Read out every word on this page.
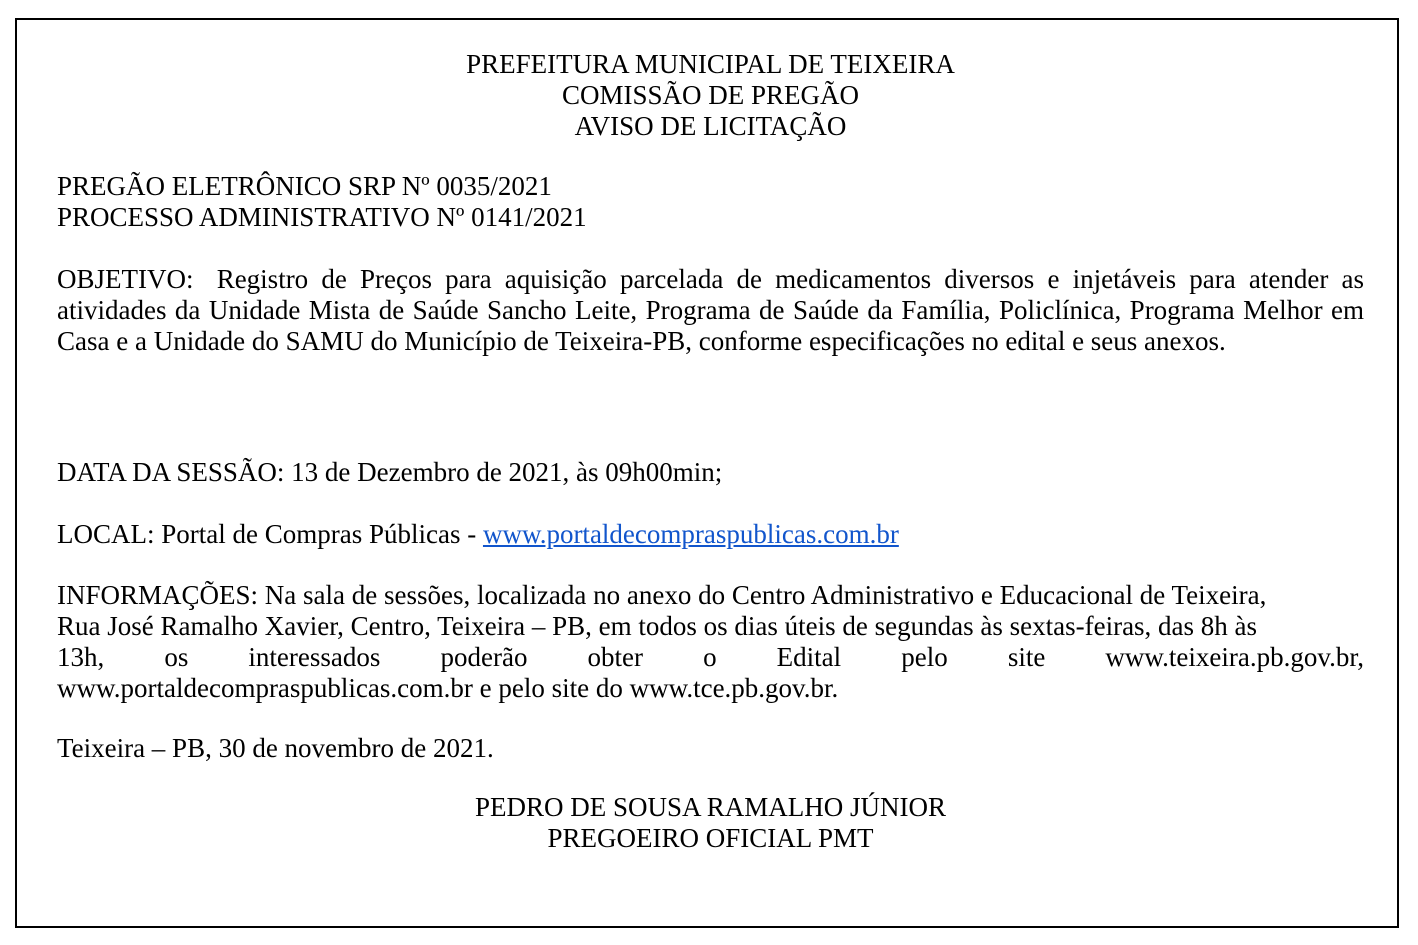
PREFEITURA MUNICIPAL DE TEIXEIRA
COMISSÃO DE PREGÃO
AVISO DE LICITAÇÃO
PREGÃO ELETRÔNICO SRP Nº 0035/2021
PROCESSO ADMINISTRATIVO Nº 0141/2021
OBJETIVO: Registro de Preços para aquisição parcelada de medicamentos diversos e injetáveis para atender as atividades da Unidade Mista de Saúde Sancho Leite, Programa de Saúde da Família, Policlínica, Programa Melhor em Casa e a Unidade do SAMU do Município de Teixeira-PB, conforme especificações no edital e seus anexos.
DATA DA SESSÃO: 13 de Dezembro de 2021, às 09h00min;
LOCAL: Portal de Compras Públicas - www.portaldecompraspublicas.com.br
INFORMAÇÕES: Na sala de sessões, localizada no anexo do Centro Administrativo e Educacional de Teixeira,
Rua José Ramalho Xavier, Centro, Teixeira – PB, em todos os dias úteis de segundas às sextas-feiras, das 8h às
13h, os interessados poderão obter o Edital pelo site www.teixeira.pb.gov.br,
www.portaldecompraspublicas.com.br e pelo site do www.tce.pb.gov.br.
Teixeira – PB, 30 de novembro de 2021.
PEDRO DE SOUSA RAMALHO JÚNIOR
PREGOEIRO OFICIAL PMT
